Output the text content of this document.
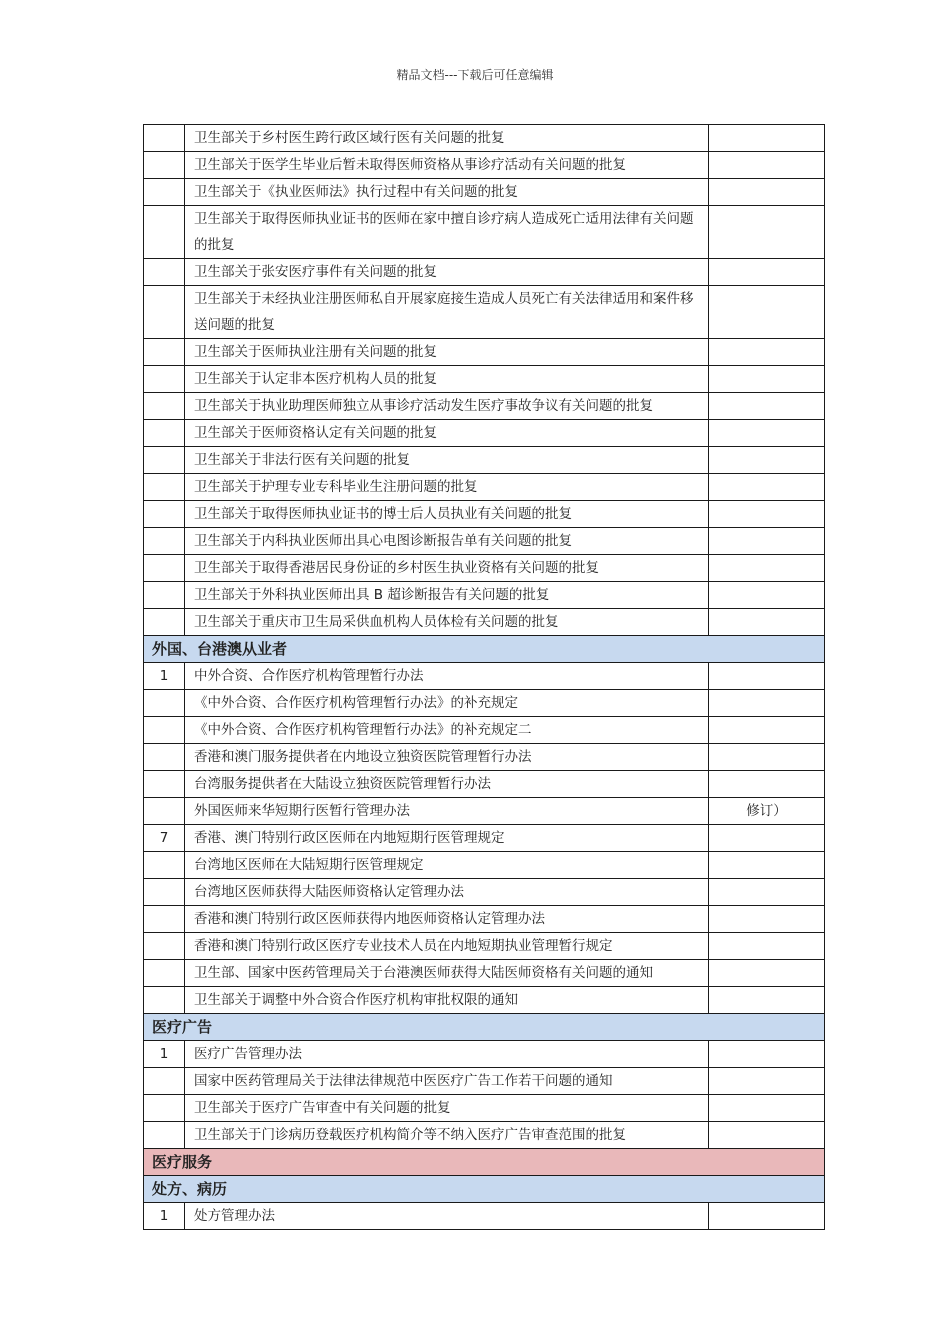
精品文档---下载后可任意编辑
	卫生部关于乡村医生跨行政区域行医有关问题的批复	
	卫生部关于医学生毕业后暂未取得医师资格从事诊疗活动有关问题的批复	
	卫生部关于《执业医师法》执行过程中有关问题的批复	
	卫生部关于取得医师执业证书的医师在家中擅自诊疗病人造成死亡适用法律有关问题的批复	
	卫生部关于张安医疗事件有关问题的批复	
	卫生部关于未经执业注册医师私自开展家庭接生造成人员死亡有关法律适用和案件移送问题的批复	
	卫生部关于医师执业注册有关问题的批复	
	卫生部关于认定非本医疗机构人员的批复	
	卫生部关于执业助理医师独立从事诊疗活动发生医疗事故争议有关问题的批复	
	卫生部关于医师资格认定有关问题的批复	
	卫生部关于非法行医有关问题的批复	
	卫生部关于护理专业专科毕业生注册问题的批复	
	卫生部关于取得医师执业证书的博士后人员执业有关问题的批复	
	卫生部关于内科执业医师出具心电图诊断报告单有关问题的批复	
	卫生部关于取得香港居民身份证的乡村医生执业资格有关问题的批复	
	卫生部关于外科执业医师出具 B 超诊断报告有关问题的批复	
	卫生部关于重庆市卫生局采供血机构人员体检有关问题的批复	
外国、台港澳从业者		
1	中外合资、合作医疗机构管理暂行办法	
	《中外合资、合作医疗机构管理暂行办法》的补充规定	
	《中外合资、合作医疗机构管理暂行办法》的补充规定二	
	香港和澳门服务提供者在内地设立独资医院管理暂行办法	
	台湾服务提供者在大陆设立独资医院管理暂行办法	
	外国医师来华短期行医暂行管理办法	修订）
7	香港、澳门特别行政区医师在内地短期行医管理规定	
	台湾地区医师在大陆短期行医管理规定	
	台湾地区医师获得大陆医师资格认定管理办法	
	香港和澳门特别行政区医师获得内地医师资格认定管理办法	
	香港和澳门特别行政区医疗专业技术人员在内地短期执业管理暂行规定	
	卫生部、国家中医药管理局关于台港澳医师获得大陆医师资格有关问题的通知	
	卫生部关于调整中外合资合作医疗机构审批权限的通知	
医疗广告		
1	医疗广告管理办法	
	国家中医药管理局关于法律法律规范中医医疗广告工作若干问题的通知	
	卫生部关于医疗广告审查中有关问题的批复	
	卫生部关于门诊病历登载医疗机构简介等不纳入医疗广告审查范围的批复	
医疗服务		
处方、病历		
1	处方管理办法	
